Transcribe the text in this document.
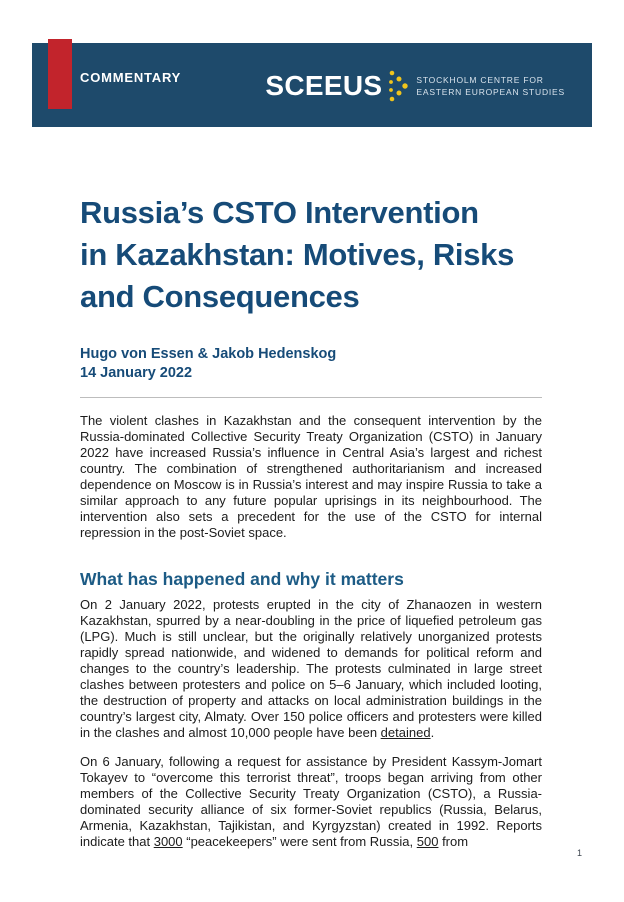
COMMENTARY	SCEEUS	STOCKHOLM CENTRE FOR
EASTERN EUROPEAN STUDIES
Russia’s CSTO Intervention
in Kazakhstan: Motives, Risks
and Consequences
Hugo von Essen & Jakob Hedenskog
14 January 2022

The violent clashes in Kazakhstan and the consequent intervention by the Russia-dominated Collective Security Treaty Organization (CSTO) in January 2022 have increased Russia’s influence in Central Asia’s largest and richest country. The combination of strengthened authoritarianism and increased dependence on Moscow is in Russia’s interest and may inspire Russia to take a similar approach to any future popular uprisings in its neighbourhood. The intervention also sets a precedent for the use of the CSTO for internal repression in the post-Soviet space.

What has happened and why it matters

On 2 January 2022, protests erupted in the city of Zhanaozen in western Kazakhstan, spurred by a near-doubling in the price of liquefied petroleum gas (LPG). Much is still unclear, but the originally relatively unorganized protests rapidly spread nationwide, and widened to demands for political reform and changes to the country’s leadership. The protests culminated in large street clashes between protesters and police on 5–6 January, which included looting, the destruction of property and attacks on local administration buildings in the country’s largest city, Almaty. Over 150 police officers and protesters were killed in the clashes and almost 10,000 people have been detained.

On 6 January, following a request for assistance by President Kassym-Jomart Tokayev to “overcome this terrorist threat”, troops began arriving from other members of the Collective Security Treaty Organization (CSTO), a Russia-dominated security alliance of six former-Soviet republics (Russia, Belarus, Armenia, Kazakhstan, Tajikistan, and Kyrgyzstan) created in 1992. Reports indicate that 3000 “peacekeepers” were sent from Russia, 500 from

1
